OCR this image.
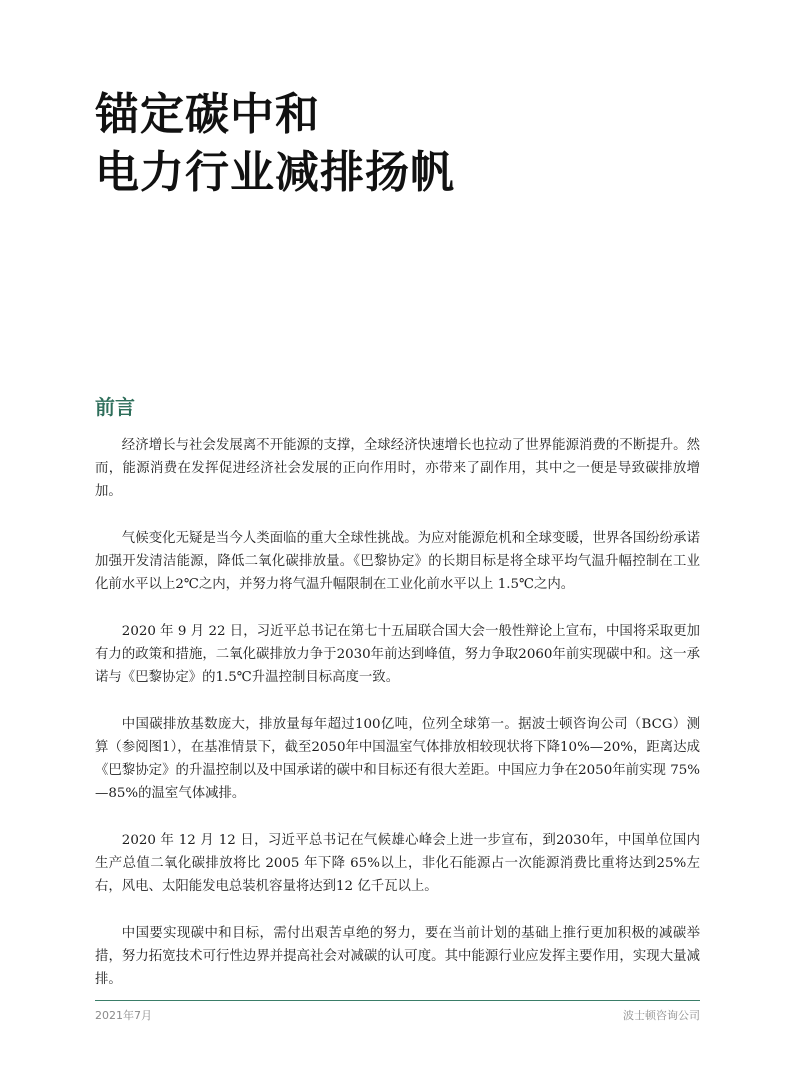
锚定碳中和
电力行业减排扬帆
前言

经济增长与社会发展离不开能源的支撑，全球经济快速增长也拉动了世界能源消费的不断提升。然而，能源消费在发挥促进经济社会发展的正向作用时，亦带来了副作用，其中之一便是导致碳排放增加。

气候变化无疑是当今人类面临的重大全球性挑战。为应对能源危机和全球变暖，世界各国纷纷承诺加强开发清洁能源，降低二氧化碳排放量。《巴黎协定》的长期目标是将全球平均气温升幅控制在工业化前水平以上2℃之内，并努力将气温升幅限制在工业化前水平以上 1.5℃之内。

2020 年 9 月 22 日，习近平总书记在第七十五届联合国大会一般性辩论上宣布，中国将采取更加有力的政策和措施，二氧化碳排放力争于2030年前达到峰值，努力争取2060年前实现碳中和。这一承诺与《巴黎协定》的1.5℃升温控制目标高度一致。

中国碳排放基数庞大，排放量每年超过100亿吨，位列全球第一。据波士顿咨询公司（BCG）测算（参阅图1），在基准情景下，截至2050年中国温室气体排放相较现状将下降10%—20%，距离达成《巴黎协定》的升温控制以及中国承诺的碳中和目标还有很大差距。中国应力争在2050年前实现 75%—85%的温室气体减排。

2020 年 12 月 12 日，习近平总书记在气候雄心峰会上进一步宣布，到2030年，中国单位国内生产总值二氧化碳排放将比 2005 年下降 65%以上，非化石能源占一次能源消费比重将达到25%左右，风电、太阳能发电总装机容量将达到12 亿千瓦以上。

中国要实现碳中和目标，需付出艰苦卓绝的努力，要在当前计划的基础上推行更加积极的减碳举措，努力拓宽技术可行性边界并提高社会对减碳的认可度。其中能源行业应发挥主要作用，实现大量减排。

2021年7月	波士顿咨询公司
